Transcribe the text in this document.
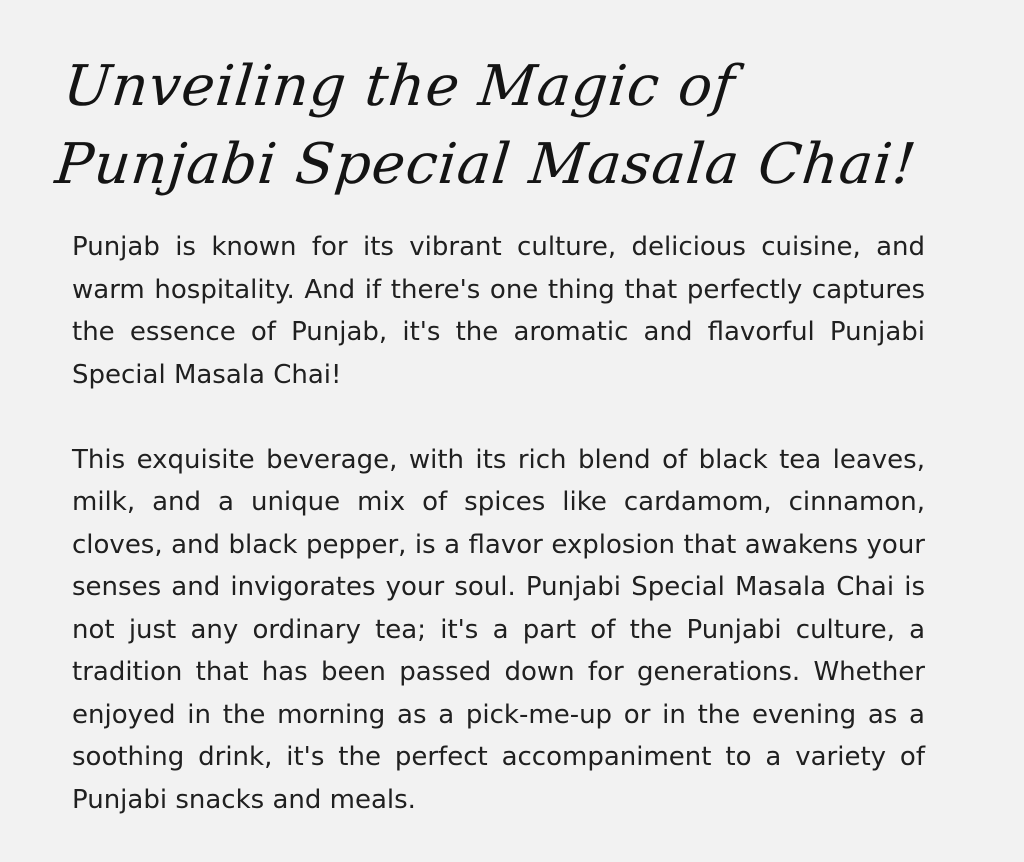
Unveiling the Magic of Punjabi Special Masala Chai!

Punjab is known for its vibrant culture, delicious cuisine, and warm hospitality. And if there's one thing that perfectly captures the essence of Punjab, it's the aromatic and flavorful Punjabi Special Masala Chai!

This exquisite beverage, with its rich blend of black tea leaves, milk, and a unique mix of spices like cardamom, cinnamon, cloves, and black pepper, is a flavor explosion that awakens your senses and invigorates your soul. Punjabi Special Masala Chai is not just any ordinary tea; it's a part of the Punjabi culture, a tradition that has been passed down for generations. Whether enjoyed in the morning as a pick-me-up or in the evening as a soothing drink, it's the perfect accompaniment to a variety of Punjabi snacks and meals.
